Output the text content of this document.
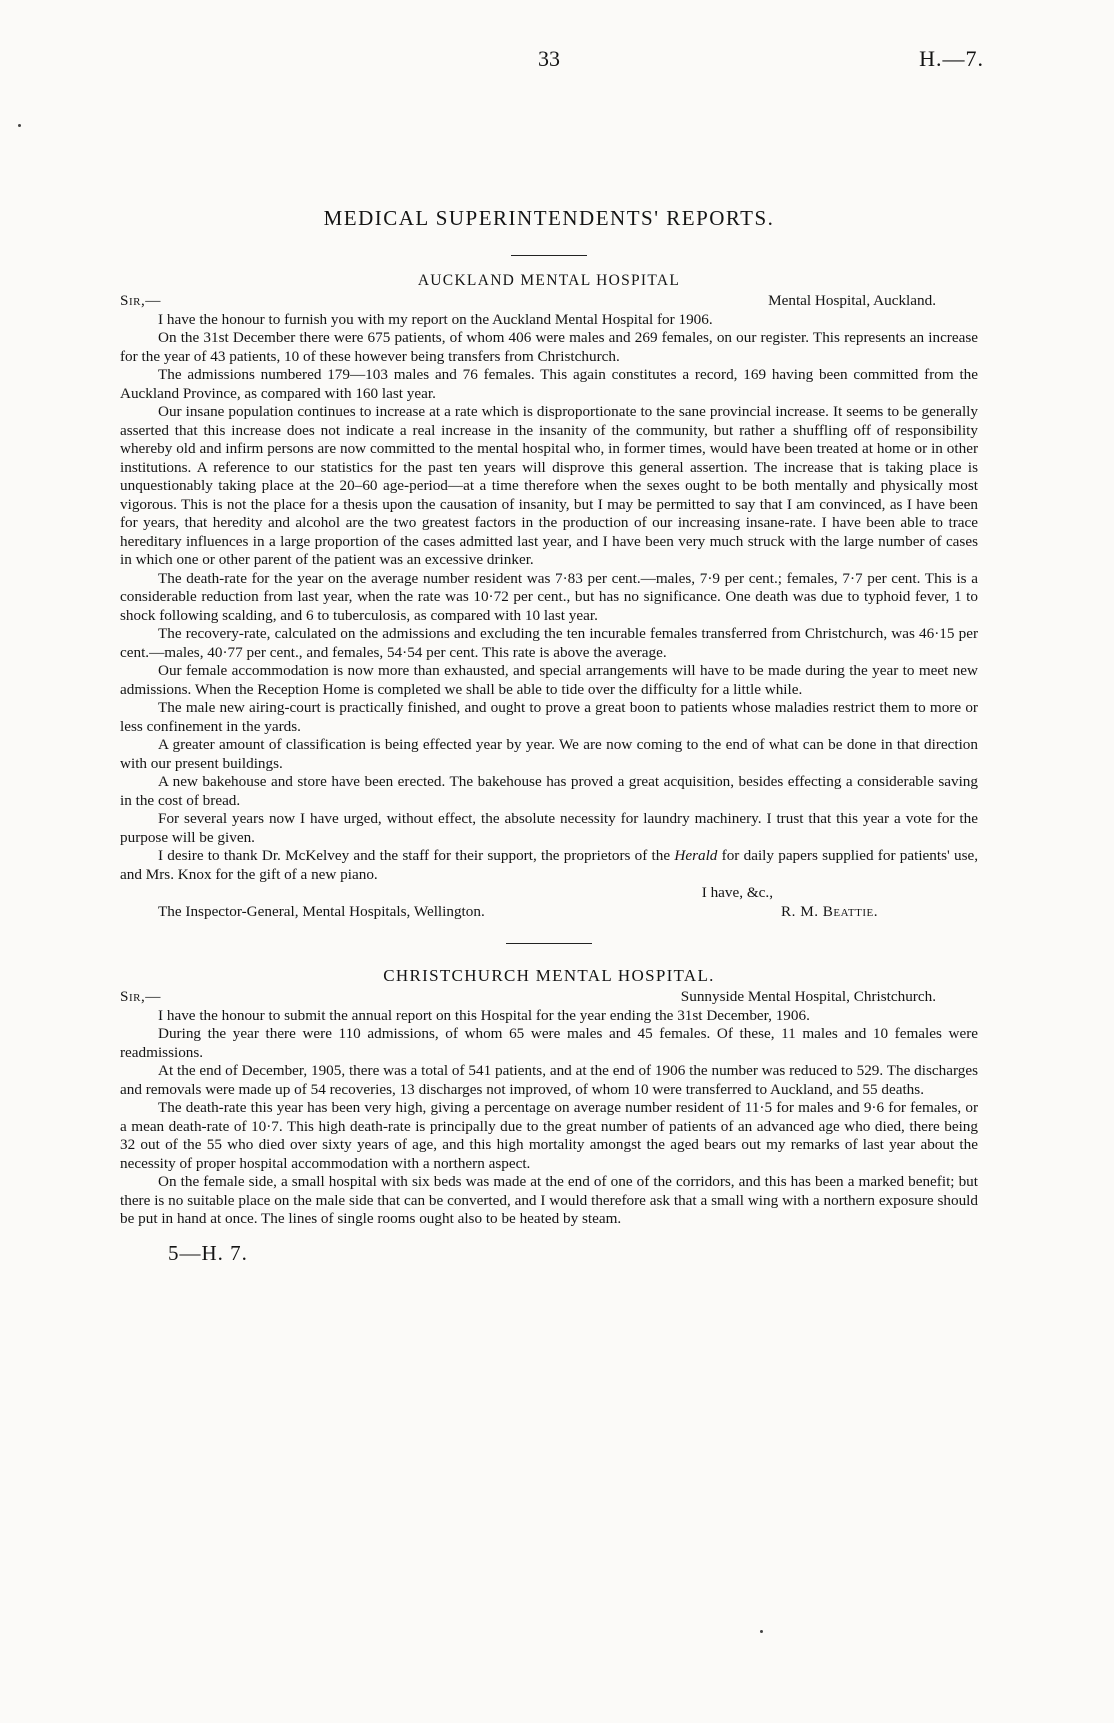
33	H.—7.
MEDICAL SUPERINTENDENTS' REPORTS.
AUCKLAND MENTAL HOSPITAL
Sir,—	Mental Hospital, Auckland.

I have the honour to furnish you with my report on the Auckland Mental Hospital for 1906.

On the 31st December there were 675 patients, of whom 406 were males and 269 females, on our register. This represents an increase for the year of 43 patients, 10 of these however being transfers from Christchurch.

The admissions numbered 179—103 males and 76 females. This again constitutes a record, 169 having been committed from the Auckland Province, as compared with 160 last year.

Our insane population continues to increase at a rate which is disproportionate to the sane provincial increase. It seems to be generally asserted that this increase does not indicate a real increase in the insanity of the community, but rather a shuffling off of responsibility whereby old and infirm persons are now committed to the mental hospital who, in former times, would have been treated at home or in other institutions. A reference to our statistics for the past ten years will disprove this general assertion. The increase that is taking place is unquestionably taking place at the 20–60 age-period—at a time therefore when the sexes ought to be both mentally and physically most vigorous. This is not the place for a thesis upon the causation of insanity, but I may be permitted to say that I am convinced, as I have been for years, that heredity and alcohol are the two greatest factors in the production of our increasing insane-rate. I have been able to trace hereditary influences in a large proportion of the cases admitted last year, and I have been very much struck with the large number of cases in which one or other parent of the patient was an excessive drinker.

The death-rate for the year on the average number resident was 7·83 per cent.—males, 7·9 per cent.; females, 7·7 per cent. This is a considerable reduction from last year, when the rate was 10·72 per cent., but has no significance. One death was due to typhoid fever, 1 to shock following scalding, and 6 to tuberculosis, as compared with 10 last year.

The recovery-rate, calculated on the admissions and excluding the ten incurable females transferred from Christchurch, was 46·15 per cent.—males, 40·77 per cent., and females, 54·54 per cent. This rate is above the average.

Our female accommodation is now more than exhausted, and special arrangements will have to be made during the year to meet new admissions. When the Reception Home is completed we shall be able to tide over the difficulty for a little while.

The male new airing-court is practically finished, and ought to prove a great boon to patients whose maladies restrict them to more or less confinement in the yards.

A greater amount of classification is being effected year by year. We are now coming to the end of what can be done in that direction with our present buildings.

A new bakehouse and store have been erected. The bakehouse has proved a great acquisition, besides effecting a considerable saving in the cost of bread.

For several years now I have urged, without effect, the absolute necessity for laundry machinery. I trust that this year a vote for the purpose will be given.

I desire to thank Dr. McKelvey and the staff for their support, the proprietors of the Herald for daily papers supplied for patients' use, and Mrs. Knox for the gift of a new piano.

I have, &c.,
The Inspector-General, Mental Hospitals, Wellington.	R. M. Beattie.
CHRISTCHURCH MENTAL HOSPITAL.
Sir,—	Sunnyside Mental Hospital, Christchurch.

I have the honour to submit the annual report on this Hospital for the year ending the 31st December, 1906.

During the year there were 110 admissions, of whom 65 were males and 45 females. Of these, 11 males and 10 females were readmissions.

At the end of December, 1905, there was a total of 541 patients, and at the end of 1906 the number was reduced to 529. The discharges and removals were made up of 54 recoveries, 13 discharges not improved, of whom 10 were transferred to Auckland, and 55 deaths.

The death-rate this year has been very high, giving a percentage on average number resident of 11·5 for males and 9·6 for females, or a mean death-rate of 10·7. This high death-rate is principally due to the great number of patients of an advanced age who died, there being 32 out of the 55 who died over sixty years of age, and this high mortality amongst the aged bears out my remarks of last year about the necessity of proper hospital accommodation with a northern aspect.

On the female side, a small hospital with six beds was made at the end of one of the corridors, and this has been a marked benefit; but there is no suitable place on the male side that can be converted, and I would therefore ask that a small wing with a northern exposure should be put in hand at once. The lines of single rooms ought also to be heated by steam.

5—H. 7.
